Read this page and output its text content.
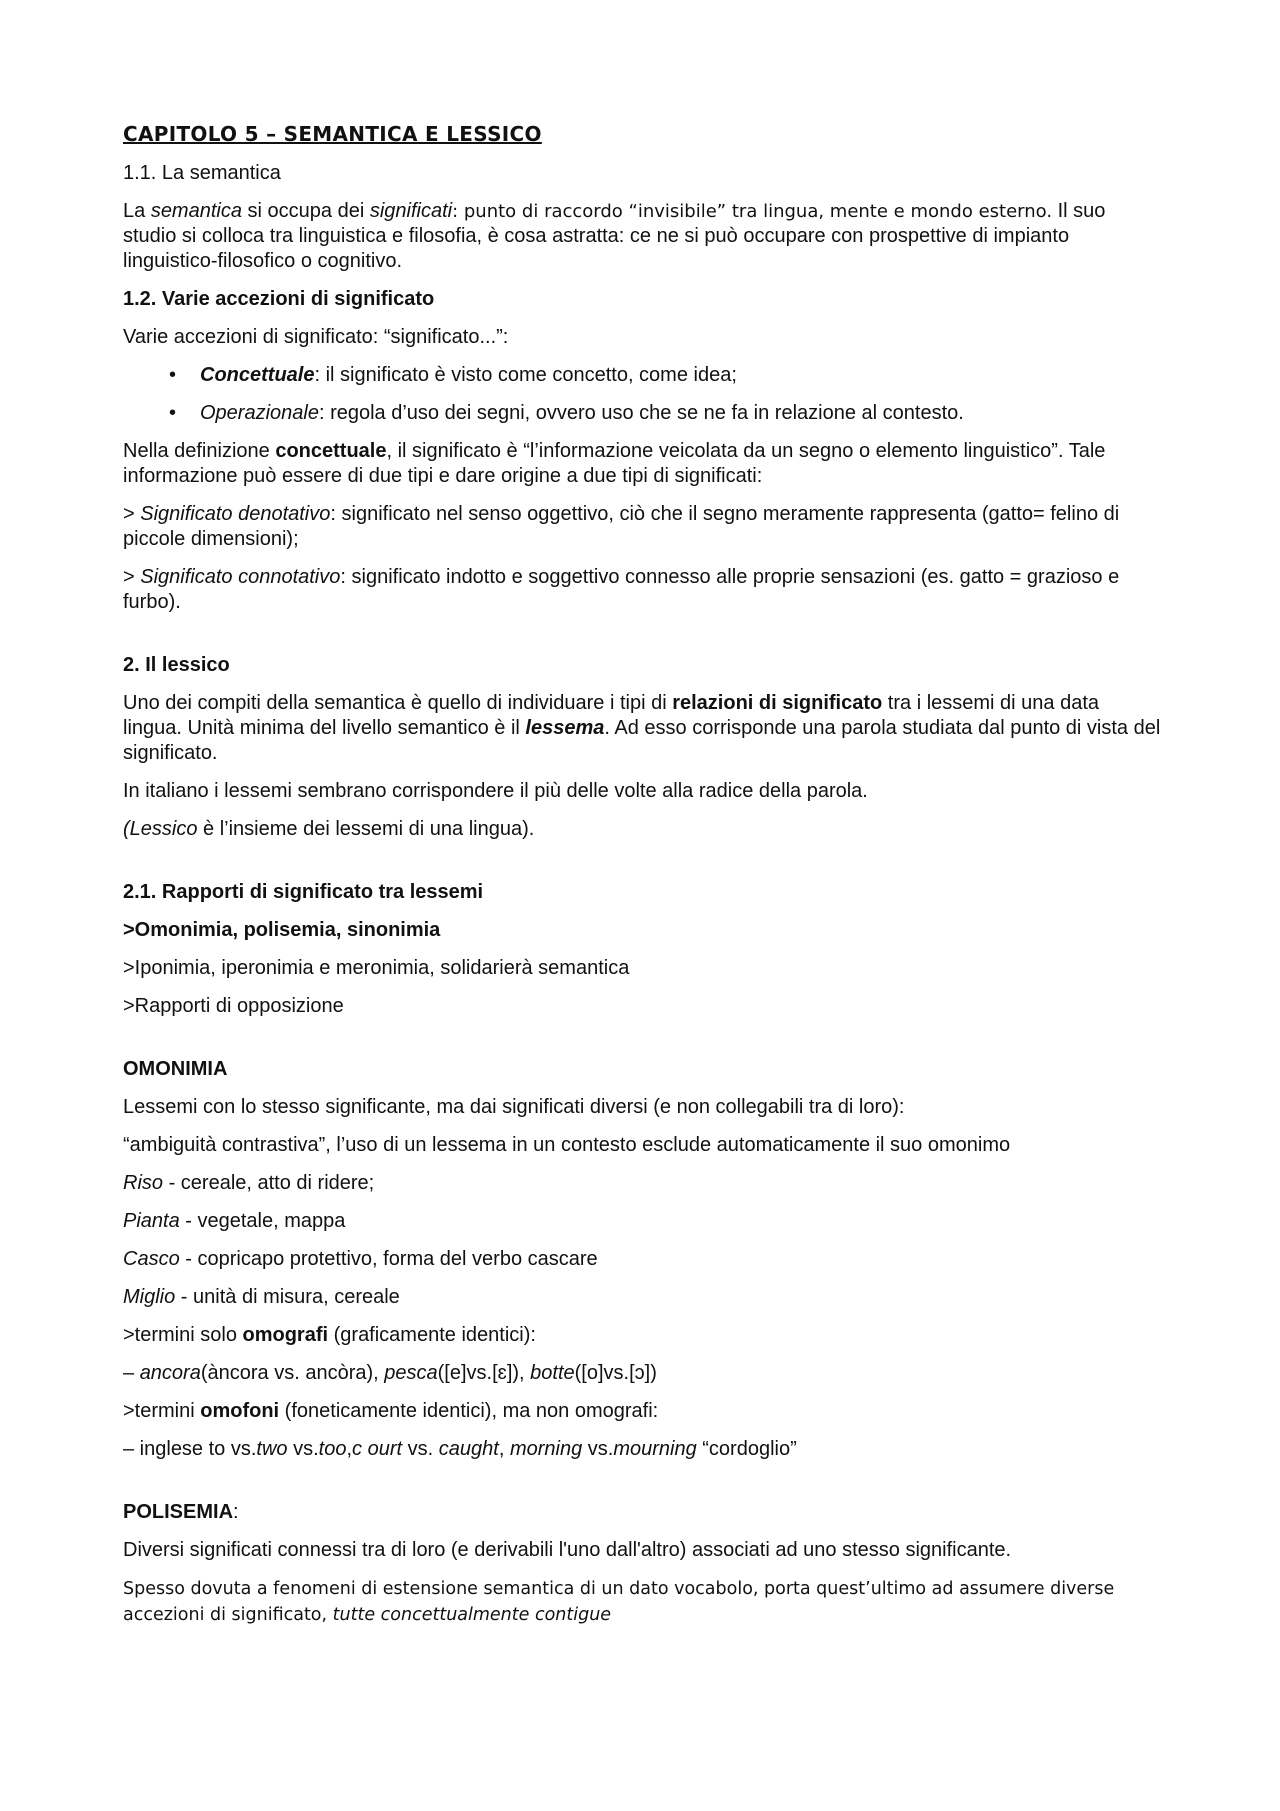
CAPITOLO 5 – SEMANTICA E LESSICO

1.1. La semantica

La semantica si occupa dei significati: punto di raccordo “invisibile” tra lingua, mente e mondo esterno. Il suo studio si colloca tra linguistica e filosofia, è cosa astratta: ce ne si può occupare con prospettive di impianto linguistico-filosofico o cognitivo.

1.2. Varie accezioni di significato

Varie accezioni di significato: “significato...”:

• Concettuale: il significato è visto come concetto, come idea;

• Operazionale: regola d’uso dei segni, ovvero uso che se ne fa in relazione al contesto.

Nella definizione concettuale, il significato è “l’informazione veicolata da un segno o elemento linguistico”. Tale informazione può essere di due tipi e dare origine a due tipi di significati:

> Significato denotativo: significato nel senso oggettivo, ciò che il segno meramente rappresenta (gatto= felino di piccole dimensioni);

> Significato connotativo: significato indotto e soggettivo connesso alle proprie sensazioni (es. gatto = grazioso e furbo).

2. Il lessico

Uno dei compiti della semantica è quello di individuare i tipi di relazioni di significato tra i lessemi di una data lingua. Unità minima del livello semantico è il lessema. Ad esso corrisponde una parola studiata dal punto di vista del significato.

In italiano i lessemi sembrano corrispondere il più delle volte alla radice della parola.

(Lessico è l’insieme dei lessemi di una lingua).

2.1. Rapporti di significato tra lessemi

>Omonimia, polisemia, sinonimia

>Iponimia, iperonimia e meronimia, solidarierà semantica

>Rapporti di opposizione

OMONIMIA

Lessemi con lo stesso significante, ma dai significati diversi (e non collegabili tra di loro):

“ambiguità contrastiva”, l’uso di un lessema in un contesto esclude automaticamente il suo omonimo

Riso - cereale, atto di ridere;

Pianta - vegetale, mappa

Casco - copricapo protettivo, forma del verbo cascare

Miglio - unità di misura, cereale

>termini solo omografi (graficamente identici):

– ancora(àncora vs. ancòra), pesca([e]vs.[ɛ]), botte([o]vs.[ɔ])

>termini omofoni (foneticamente identici), ma non omografi:

– inglese to vs.two vs.too,c ourt vs. caught, morning vs.mourning “cordoglio”

POLISEMIA:

Diversi significati connessi tra di loro (e derivabili l'uno dall'altro) associati ad uno stesso significante.

Spesso dovuta a fenomeni di estensione semantica di un dato vocabolo, porta quest’ultimo ad assumere diverse accezioni di significato, tutte concettualmente contigue
